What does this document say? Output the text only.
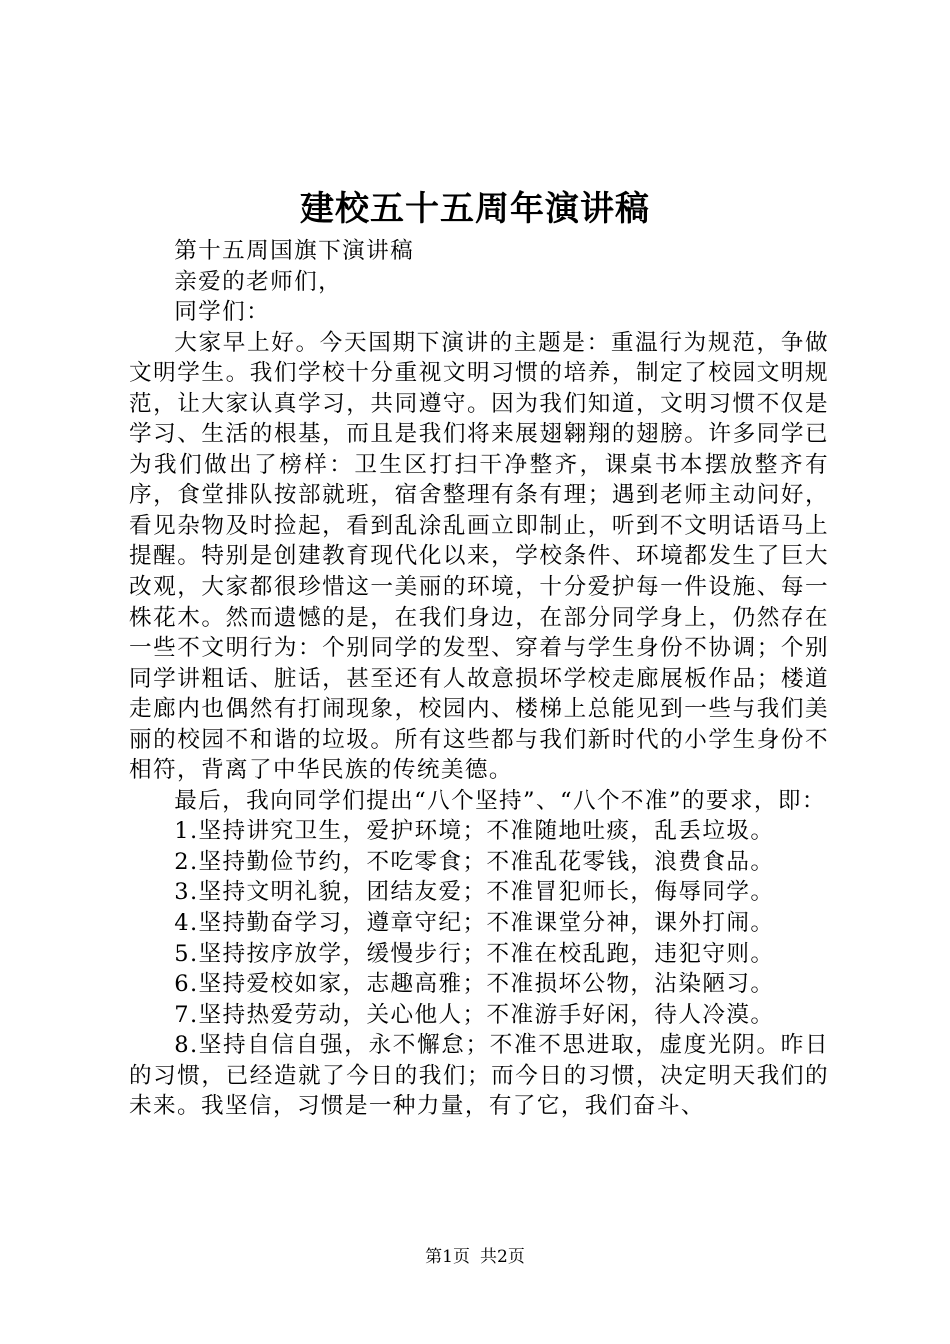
建校五十五周年演讲稿

第十五周国旗下演讲稿

亲爱的老师们，

同学们：

大家早上好。今天国期下演讲的主题是：重温行为规范，争做文明学生。我们学校十分重视文明习惯的培养，制定了校园文明规范，让大家认真学习，共同遵守。因为我们知道，文明习惯不仅是学习、生活的根基，而且是我们将来展翅翱翔的翅膀。许多同学已为我们做出了榜样：卫生区打扫干净整齐，课桌书本摆放整齐有序，食堂排队按部就班，宿舍整理有条有理；遇到老师主动问好，看见杂物及时捡起，看到乱涂乱画立即制止，听到不文明话语马上提醒。特别是创建教育现代化以来，学校条件、环境都发生了巨大改观，大家都很珍惜这一美丽的环境，十分爱护每一件设施、每一株花木。然而遗憾的是，在我们身边，在部分同学身上，仍然存在一些不文明行为：个别同学的发型、穿着与学生身份不协调；个别同学讲粗话、脏话，甚至还有人故意损坏学校走廊展板作品；楼道走廊内也偶然有打闹现象，校园内、楼梯上总能见到一些与我们美丽的校园不和谐的垃圾。所有这些都与我们新时代的小学生身份不相符，背离了中华民族的传统美德。

最后，我向同学们提出“八个坚持”、“八个不准”的要求，即：

1.坚持讲究卫生，爱护环境；不准随地吐痰，乱丢垃圾。

2.坚持勤俭节约，不吃零食；不准乱花零钱，浪费食品。

3.坚持文明礼貌，团结友爱；不准冒犯师长，侮辱同学。

4.坚持勤奋学习，遵章守纪；不准课堂分神，课外打闹。

5.坚持按序放学，缓慢步行；不准在校乱跑，违犯守则。

6.坚持爱校如家，志趣高雅；不准损坏公物，沾染陋习。

7.坚持热爱劳动，关心他人；不准游手好闲，待人冷漠。

8.坚持自信自强，永不懈怠；不准不思进取，虚度光阴。昨日的习惯，已经造就了今日的我们；而今日的习惯，决定明天我们的未来。我坚信，习惯是一种力量，有了它，我们奋斗、

第1页 共2页
